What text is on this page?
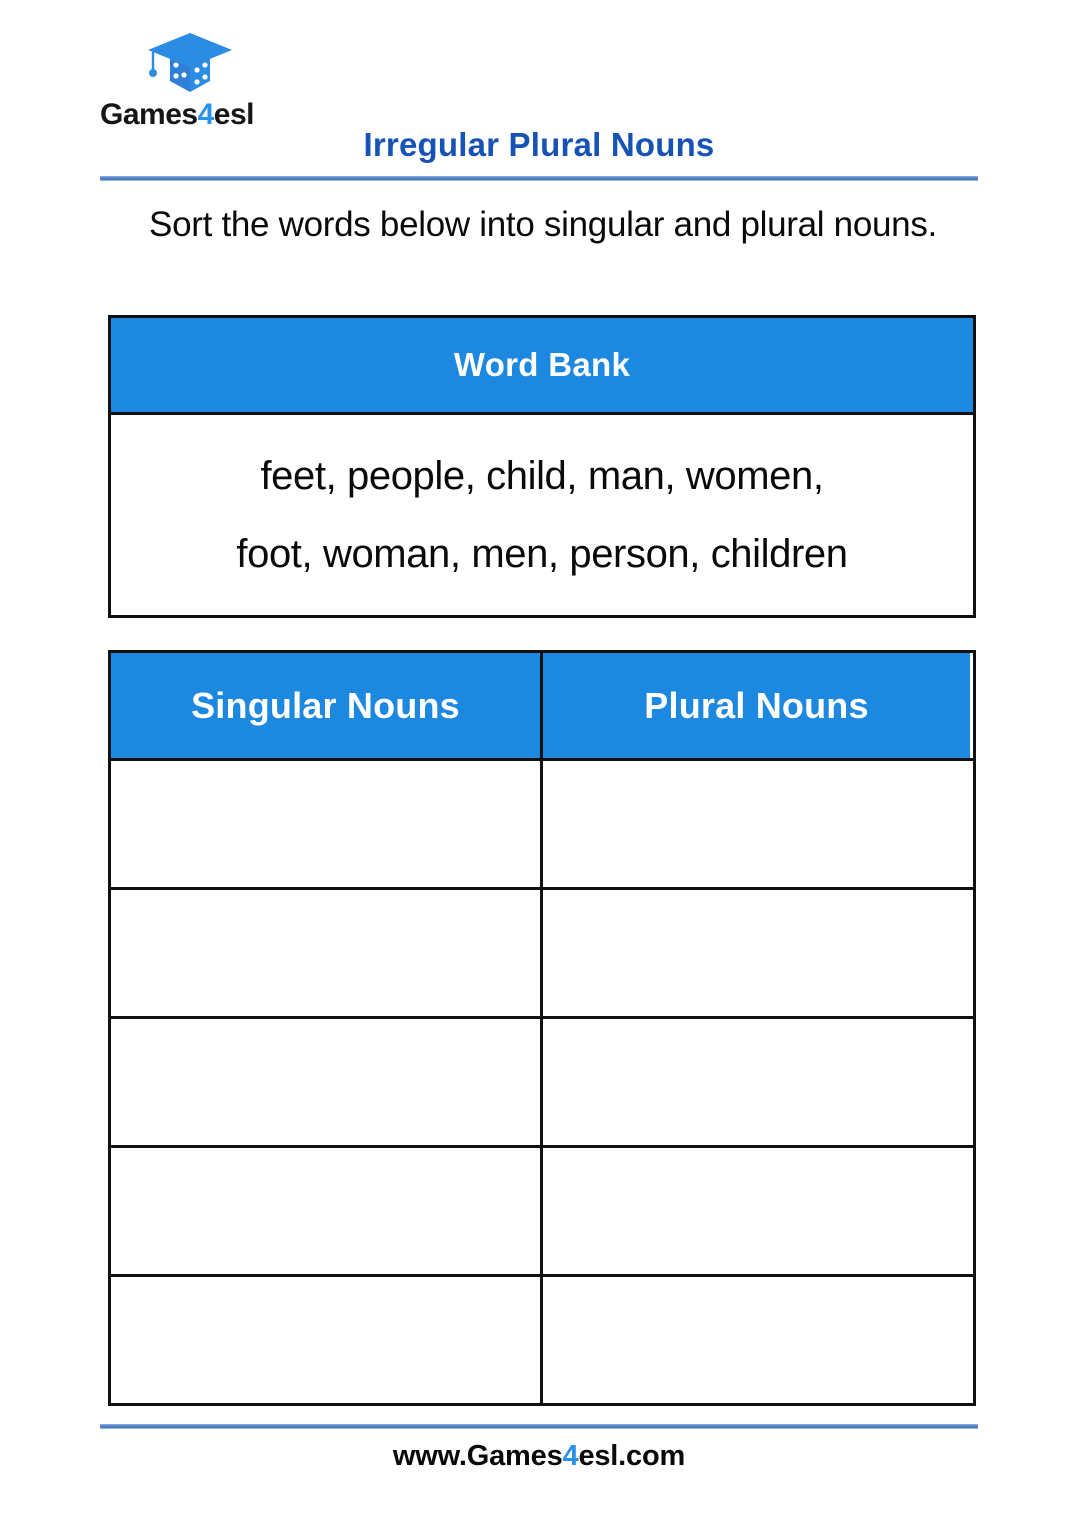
Games4esl
Irregular Plural Nouns
Sort the words below into singular and plural nouns.
Word Bank

feet, people, child, man, women,

foot, woman, men, person, children

Singular Nouns	Plural Nouns
www.Games4esl.com
